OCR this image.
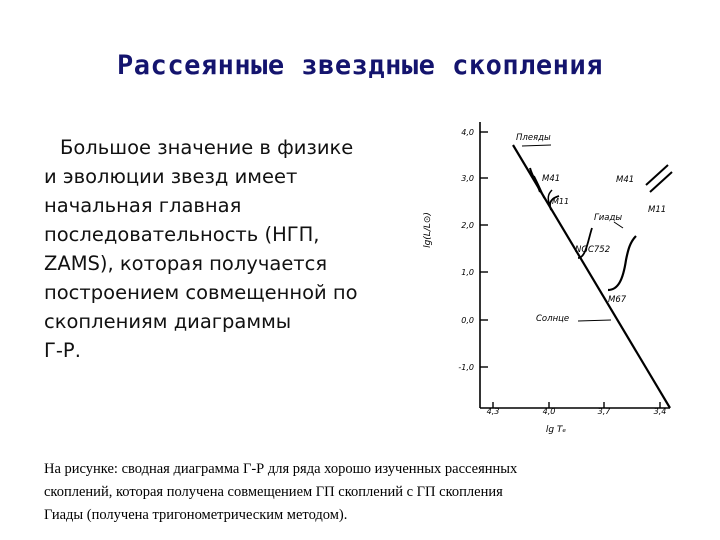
Рассеянные звездные скопления
Большое значение в физике
и эволюции звезд имеет
начальная главная
последовательность (НГП,
ZAMS), которая получается
построением совмещенной по
скоплениям диаграммы
Г-Р.
4,0
3,0
2,0
1,0
0,0
-1,0
4,3	4,0	3,7	3,4
lg(L/L⊙)
lg Tₑ
Плеяды
M41
M11
M41
M11
Гиады
NGC752
Солнце
M67
На рисунке: сводная диаграмма Г-Р для ряда хорошо изученных рассеянных
скоплений, которая получена совмещением ГП скоплений с ГП скопления
Гиады (получена тригонометрическим методом).
